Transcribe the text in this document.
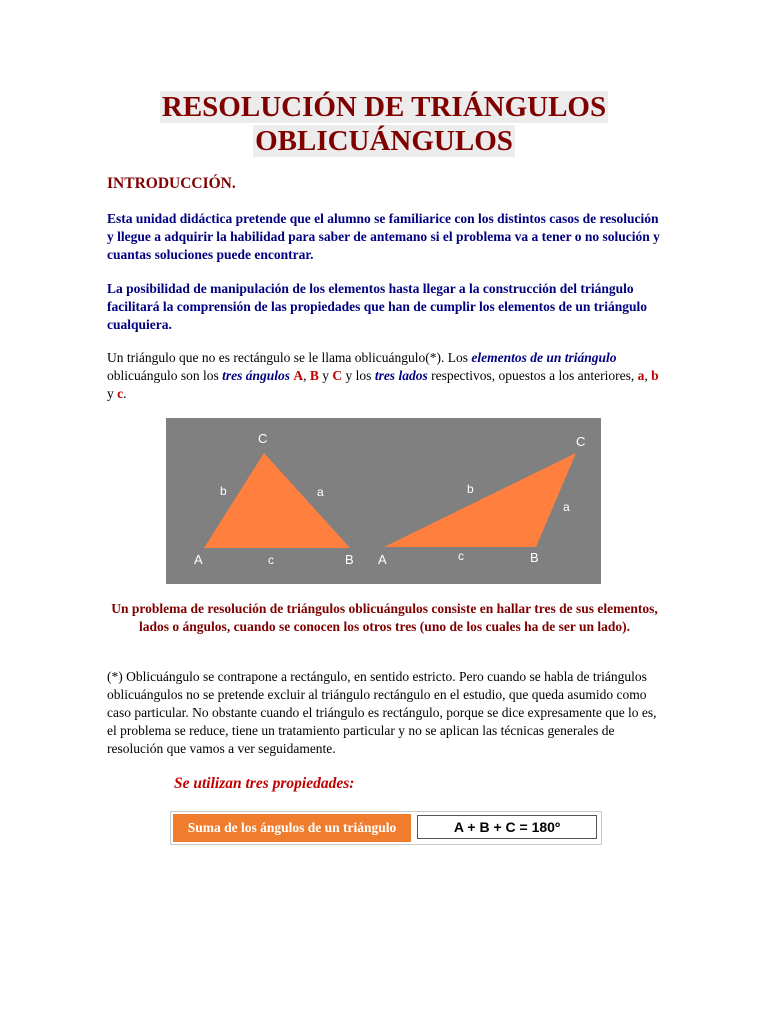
RESOLUCIÓN DE TRIÁNGULOS
OBLICUÁNGULOS
INTRODUCCIÓN.

Esta unidad didáctica pretende que el alumno se familiarice con los distintos casos de resolución y llegue a adquirir la habilidad para saber de antemano si el problema va a tener o no solución y cuantas soluciones puede encontrar.

La posibilidad de manipulación de los elementos hasta llegar a la construcción del triángulo facilitará la comprensión de las propiedades que han de cumplir los elementos de un triángulo cualquiera.

Un triángulo que no es rectángulo se le llama oblicuángulo(*). Los elementos de un triángulo oblicuángulo son los tres ángulos A, B y C y los tres lados respectivos, opuestos a los anteriores, a, b y c.

C
b	a
A	c	B
C
b
a
A	c	B

Un problema de resolución de triángulos oblicuángulos consiste en hallar tres de sus elementos, lados o ángulos, cuando se conocen los otros tres (uno de los cuales ha de ser un lado).

(*) Oblicuángulo se contrapone a rectángulo, en sentido estricto. Pero cuando se habla de triángulos oblicuángulos no se pretende excluir al triángulo rectángulo en el estudio, que queda asumido como caso particular. No obstante cuando el triángulo es rectángulo, porque se dice expresamente que lo es, el problema se reduce, tiene un tratamiento particular y no se aplican las técnicas generales de resolución que vamos a ver seguidamente.

Se utilizan tres propiedades:
Suma de los ángulos de un triángulo	A + B + C = 180º
